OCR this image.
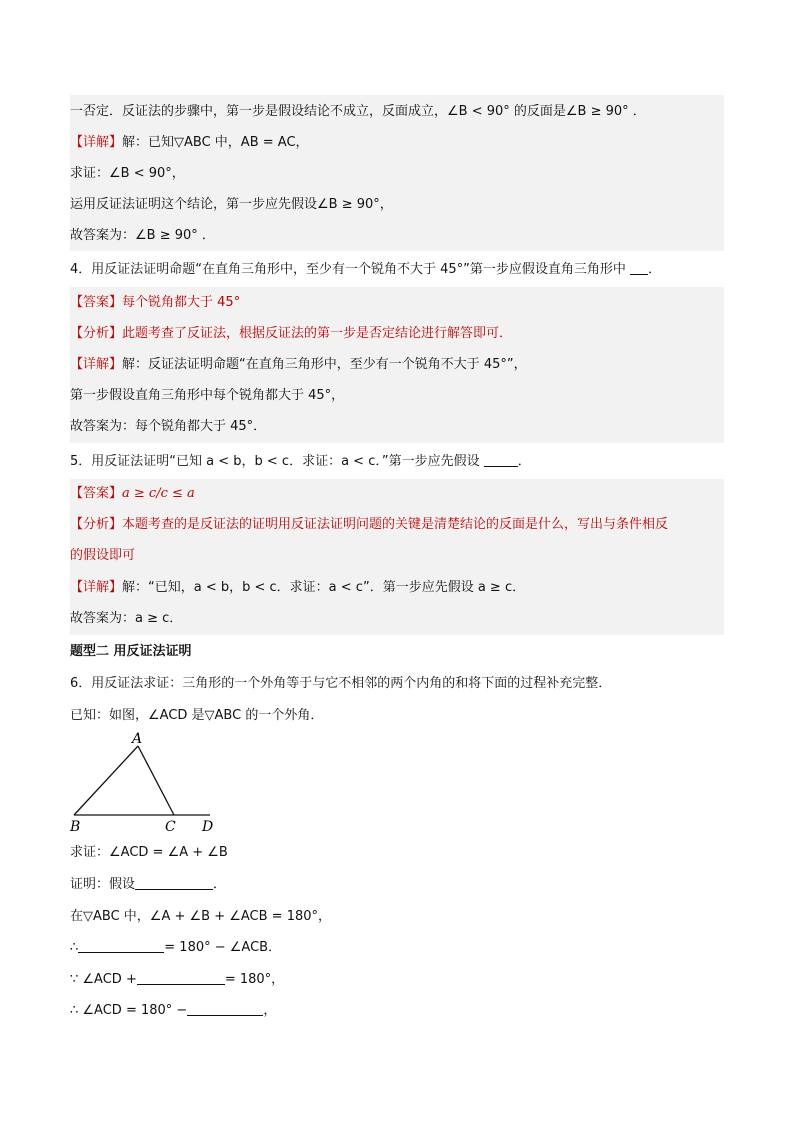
一否定．反证法的步骤中，第一步是假设结论不成立，反面成立，∠B < 90° 的反面是∠B ≥ 90° ．
【详解】解：已知▽ABC 中，AB = AC，
求证：∠B < 90°，
运用反证法证明这个结论，第一步应先假设∠B ≥ 90°，
故答案为：∠B ≥ 90° ．
4．用反证法证明命题“在直角三角形中，至少有一个锐角不大于 45°”第一步应假设直角三角形中 ．
【答案】每个锐角都大于 45°
【分析】此题考查了反证法，根据反证法的第一步是否定结论进行解答即可．
【详解】解：反证法证明命题“在直角三角形中，至少有一个锐角不大于 45°”，
第一步假设直角三角形中每个锐角都大于 45°，
故答案为：每个锐角都大于 45°．
5．用反证法证明“已知 a < b，b < c．求证：a < c．”第一步应先假设	．
【答案】a ≥ c/c ≤ a
【分析】本题考查的是反证法的证明用反证法证明问题的关键是清楚结论的反面是什么，写出与条件相反
的假设即可
【详解】解：“已知，a < b，b < c．求证：a < c”．第一步应先假设 a ≥ c．
故答案为：a ≥ c．
题型二 用反证法证明
6．用反证法求证：三角形的一个外角等于与它不相邻的两个内角的和将下面的过程补充完整．
已知：如图，∠ACD 是▽ABC 的一个外角．
A
B	C D
求证：∠ACD = ∠A + ∠B
证明：假设	．
在▽ABC 中，∠A + ∠B + ∠ACB = 180°，
∴	= 180° − ∠ACB．
∵ ∠ACD +	= 180°，
∴ ∠ACD = 180° −	，
